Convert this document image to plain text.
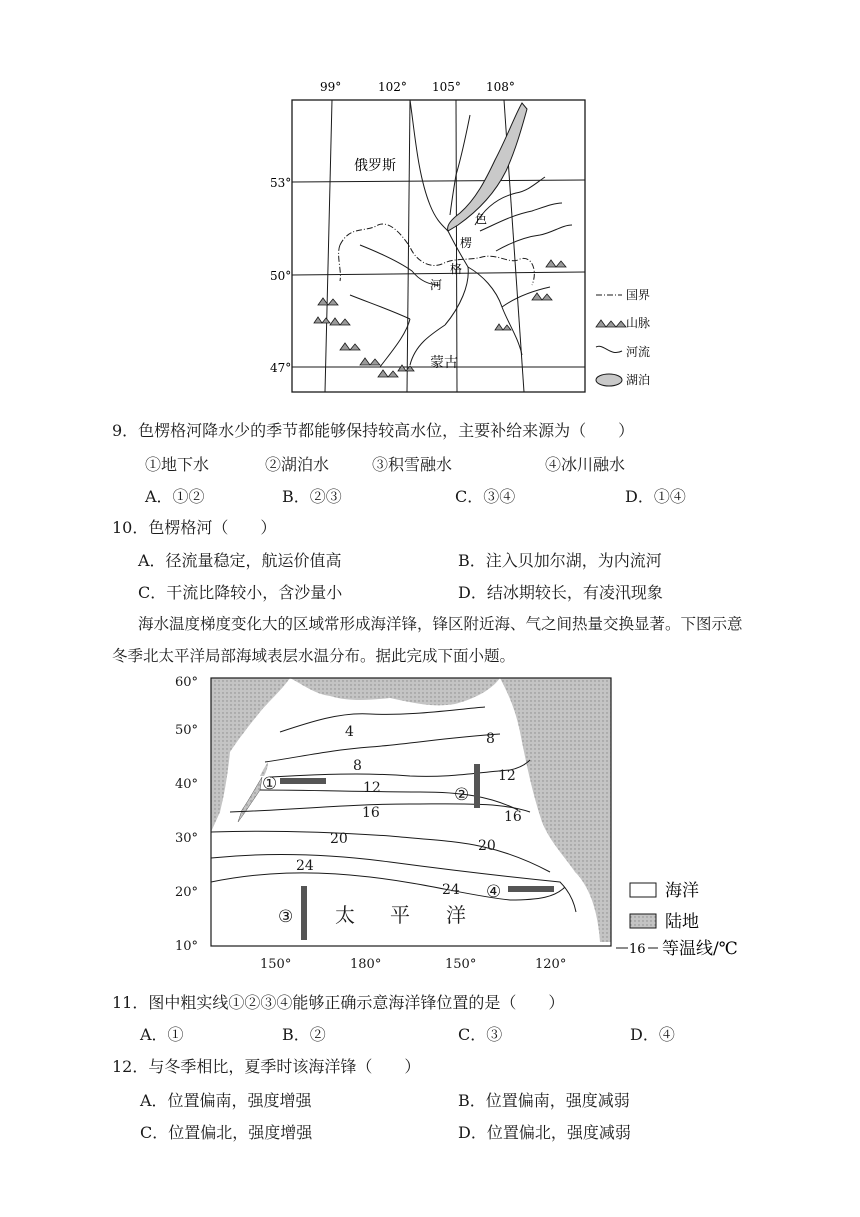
99°	102° 105° 108°
53°
50°
47°
俄罗斯
蒙古
色
楞
格
河
国界
山脉
河流
湖泊
9．色楞格河降水少的季节都能够保持较高水位，主要补给来源为（　　）
①地下水	②湖泊水	③积雪融水	④冰川融水
A．①②	B．②③	C．③④	D．①④
10．色楞格河（　　）
A．径流量稳定，航运价值高	B．注入贝加尔湖，为内流河
C．干流比降较小，含沙量小	D．结冰期较长，有凌汛现象
海水温度梯度变化大的区域常形成海洋锋，锋区附近海、气之间热量交换显著。下图示意
冬季北太平洋局部海域表层水温分布。据此完成下面小题。
4	8
8
12
12
16	16
20	20
24
24
①
②
③
④
太 平 洋
60°
50°
40°
30°
20°
10°
150°	180°	150°	120°
海洋
陆地
16 等温线/℃
11．图中粗实线①②③④能够正确示意海洋锋位置的是（　　）
A．①	B．②	C．③	D．④
12．与冬季相比，夏季时该海洋锋（　　）
A．位置偏南，强度增强	B．位置偏南，强度减弱
C．位置偏北，强度增强	D．位置偏北，强度减弱
